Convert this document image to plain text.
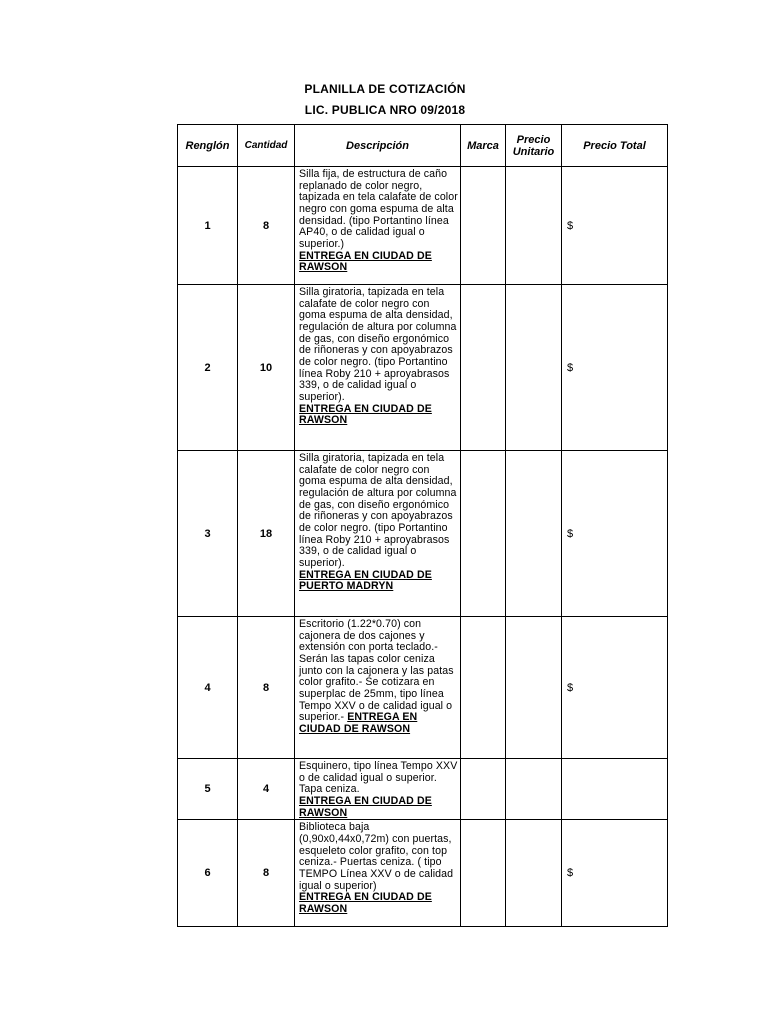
PLANILLA DE COTIZACIÓN
LIC. PUBLICA NRO 09/2018
Renglón	Cantidad	Descripción	Marca	Precio Unitario	Precio Total
1	8	Silla fija, de estructura de caño replanado de color negro, tapizada en tela calafate de color negro con goma espuma de alta densidad. (tipo Portantino línea AP40, o de calidad igual o superior.)
ENTREGA EN CIUDAD DE RAWSON			$
2	10	Silla giratoria, tapizada en tela calafate de color negro con goma espuma de alta densidad, regulación de altura por columna de gas, con diseño ergonómico de riñoneras y con apoyabrazos de color negro. (tipo Portantino línea Roby 210 + aproyabrasos 339, o de calidad igual o superior).
ENTREGA EN CIUDAD DE RAWSON			$
3	18	Silla giratoria, tapizada en tela calafate de color negro con goma espuma de alta densidad, regulación de altura por columna de gas, con diseño ergonómico de riñoneras y con apoyabrazos de color negro. (tipo Portantino línea Roby 210 + aproyabrasos 339, o de calidad igual o superior).
ENTREGA EN CIUDAD DE PUERTO MADRYN			$
4	8	Escritorio (1.22*0.70) con cajonera de dos cajones y extensión con porta teclado.- Serán las tapas color ceniza junto con la cajonera y las patas color grafito.- Se cotizara en superplac de 25mm, tipo línea Tempo XXV o de calidad igual o superior.- ENTREGA EN CIUDAD DE RAWSON			$
5	4	Esquinero, tipo línea Tempo XXV o de calidad igual o superior. Tapa ceniza.
ENTREGA EN CIUDAD DE RAWSON			

6	8	Biblioteca baja (0,90x0,44x0,72m) con puertas, esqueleto color grafito, con top ceniza.- Puertas ceniza. ( tipo TEMPO Línea XXV o de calidad igual o superior)
ENTREGA EN CIUDAD DE RAWSON			$
